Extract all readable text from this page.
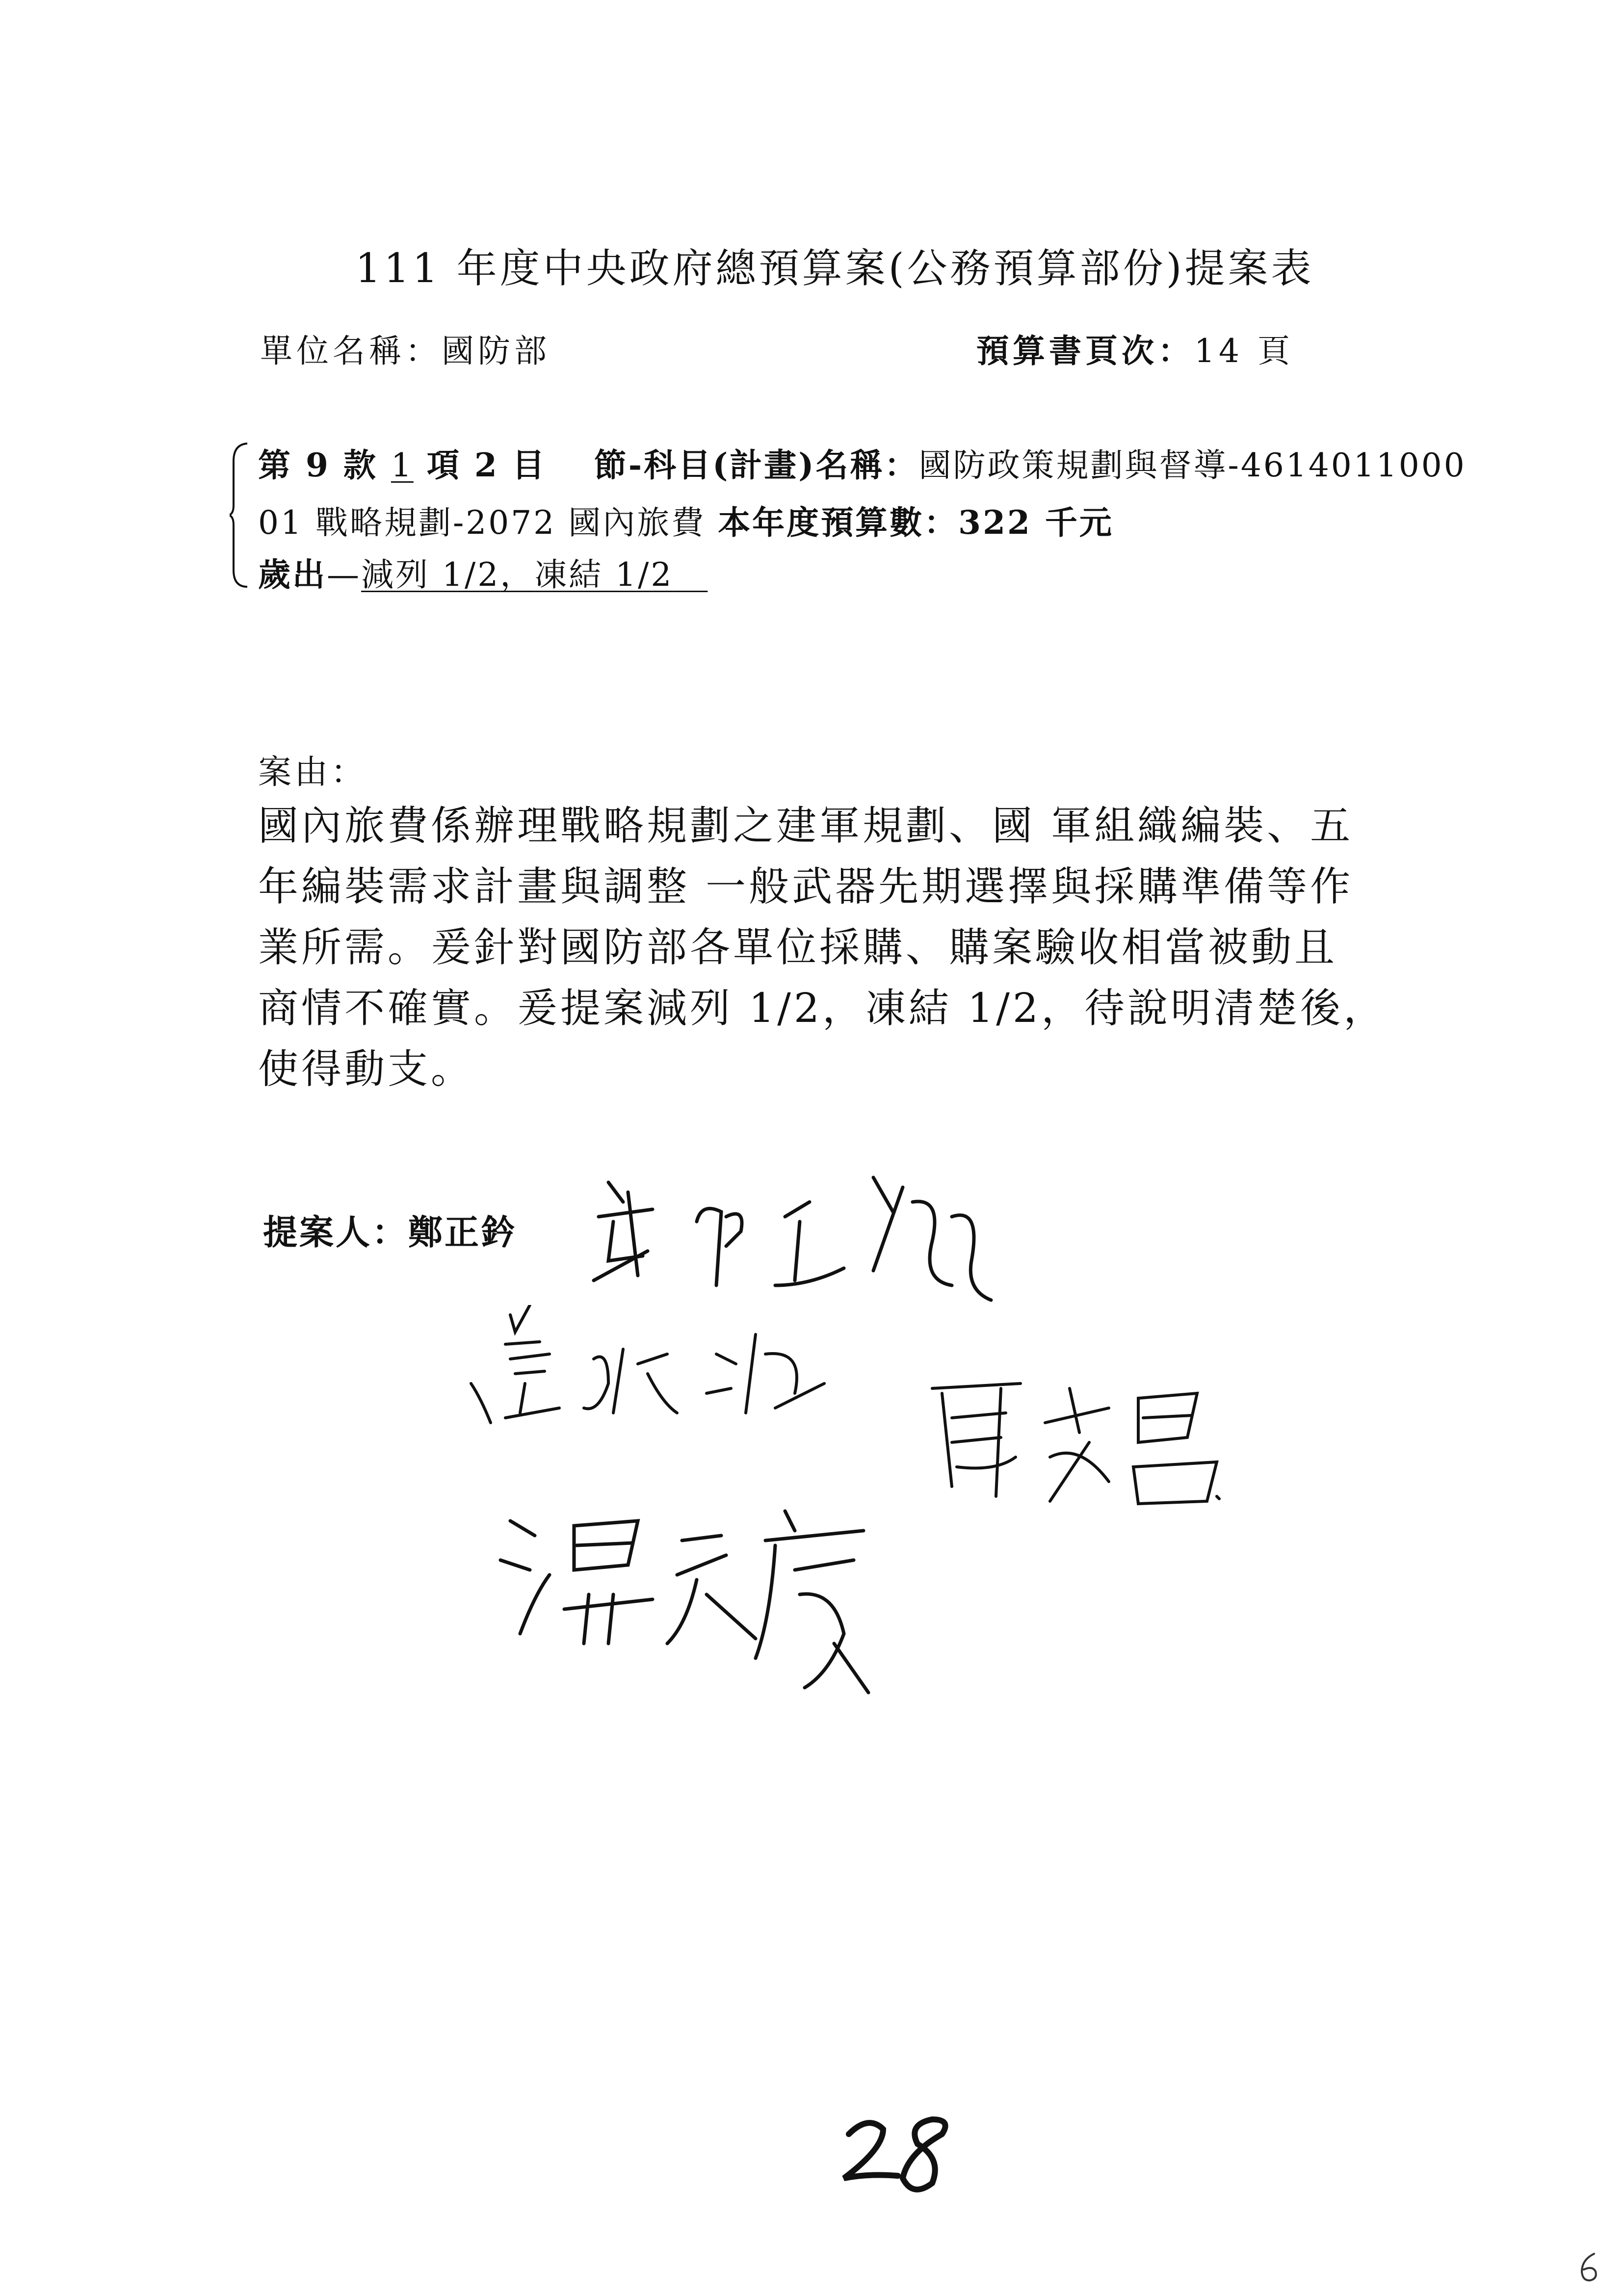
111 年度中央政府總預算案(公務預算部份)提案表
單位名稱：國防部	預算書頁次：14 頁
第 9 款 1 項 2 目　 節-科目(計畫)名稱：國防政策規劃與督導-4614011000
01 戰略規劃-2072 國內旅費 本年度預算數：322 千元
歲出—減列 1/2，凍結 1/2　
案由：
國內旅費係辦理戰略規劃之建軍規劃、國 軍組織編裝、五
年編裝需求計畫與調整 一般武器先期選擇與採購準備等作
業所需。爰針對國防部各單位採購、購案驗收相當被動且
商情不確實。爰提案減列 1/2，凍結 1/2，待說明清楚後，
使得動支。
提案人：鄭正鈐
